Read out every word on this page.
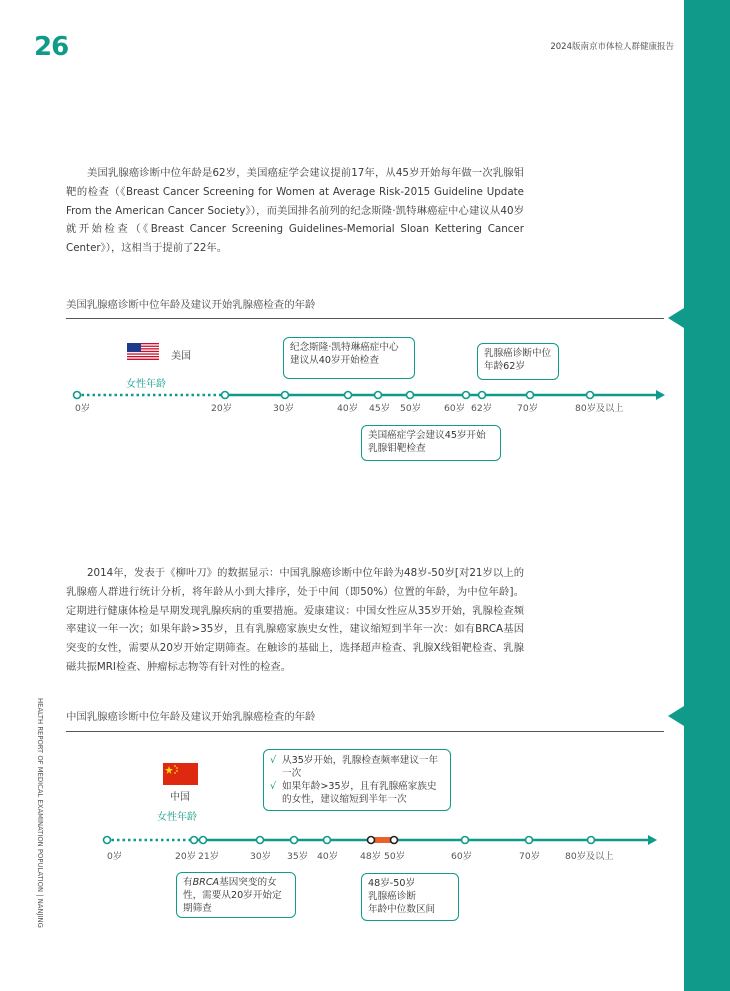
26	2024版南京市体检人群健康报告
HEALTH REPORT OF MEDICAL EXAMINATION POPULATION | NANJING
美国乳腺癌诊断中位年龄是62岁，美国癌症学会建议提前17年，从45岁开始每年做一次乳腺钼靶的检查（《Breast Cancer Screening for Women at Average Risk-2015 Guideline Update From the American Cancer Society》），而美国排名前列的纪念斯隆·凯特琳癌症中心建议从40岁就开始检查（《Breast Cancer Screening Guidelines-Memorial Sloan Kettering Cancer Center》），这相当于提前了22年。
美国乳腺癌诊断中位年龄及建议开始乳腺癌检查的年龄
美国
女性年龄
0岁	20岁	30岁	40岁 45岁 50岁	60岁 62岁	70岁	80岁及以上
纪念斯隆·凯特琳癌症中心建议从40岁开始检查
乳腺癌诊断中位年龄62岁
美国癌症学会建议45岁开始乳腺钼靶检查
2014年，发表于《柳叶刀》的数据显示：中国乳腺癌诊断中位年龄为48岁-50岁[对21岁以上的乳腺癌人群进行统计分析，将年龄从小到大排序，处于中间（即50%）位置的年龄，为中位年龄]。定期进行健康体检是早期发现乳腺疾病的重要措施。爱康建议：中国女性应从35岁开始，乳腺检查频率建议一年一次；如果年龄>35岁，且有乳腺癌家族史女性，建议缩短到半年一次：如有BRCA基因突变的女性，需要从20岁开始定期筛查。在触诊的基础上，选择超声检查、乳腺X线钼靶检查、乳腺磁共振MRI检查、肿瘤标志物等有针对性的检查。
中国乳腺癌诊断中位年龄及建议开始乳腺癌检查的年龄
中国
女性年龄
0岁	20岁 21岁	30岁 35岁 40岁 48岁 50岁	60岁	70岁	80岁及以上
√ 从35岁开始，乳腺检查频率建议一年一次
√ 如果年龄>35岁，且有乳腺癌家族史的女性，建议缩短到半年一次
有BRCA基因突变的女性，需要从20岁开始定期筛查
48岁-50岁
乳腺癌诊断
年龄中位数区间
